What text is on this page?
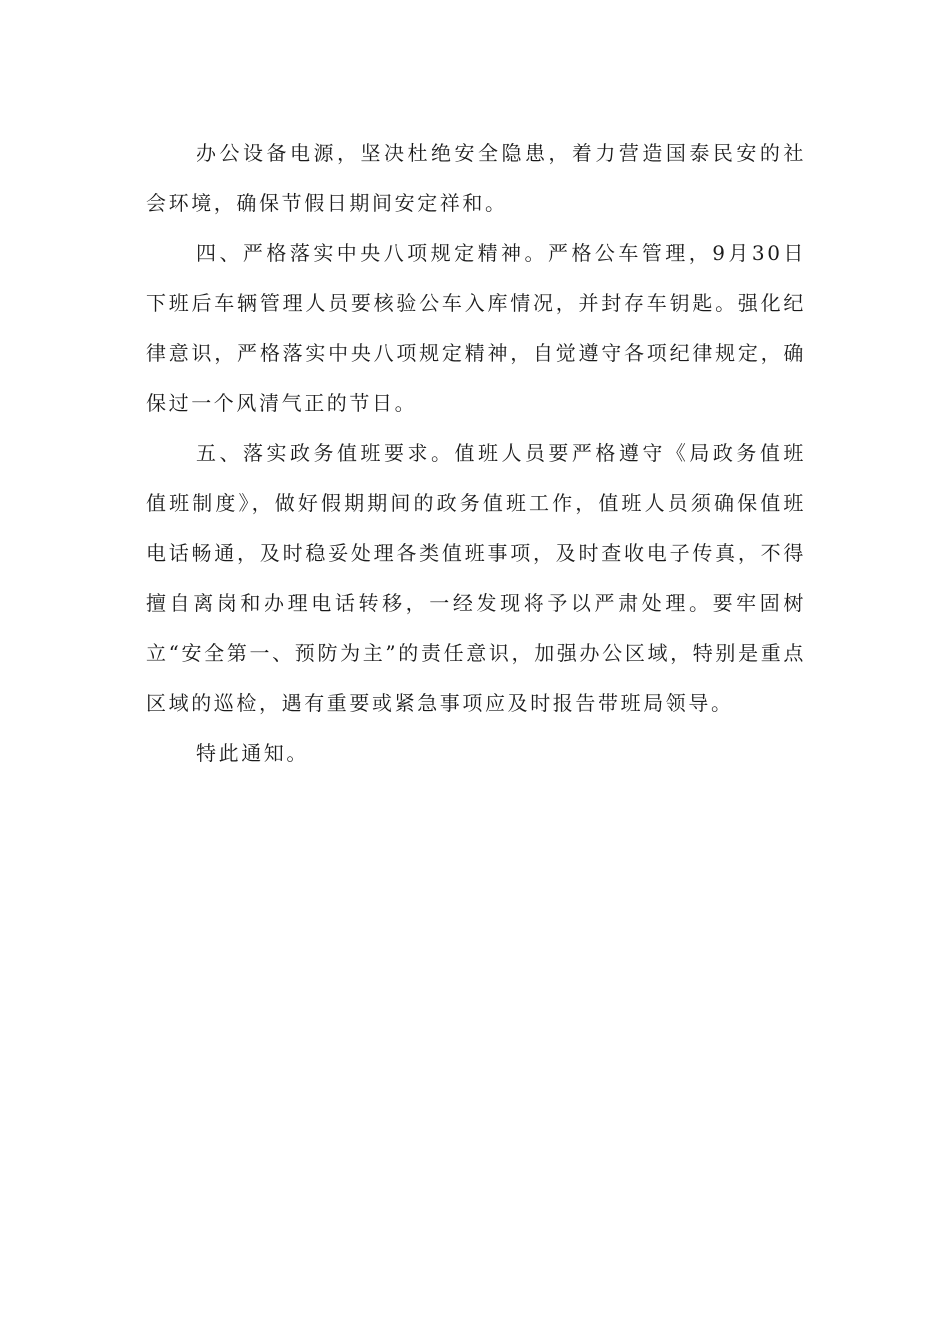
办公设备电源，坚决杜绝安全隐患，着力营造国泰民安的社会环境，确保节假日期间安定祥和。

四、严格落实中央八项规定精神。严格公车管理，9月30日下班后车辆管理人员要核验公车入库情况，并封存车钥匙。强化纪律意识，严格落实中央八项规定精神，自觉遵守各项纪律规定，确保过一个风清气正的节日。

五、落实政务值班要求。值班人员要严格遵守《局政务值班值班制度》，做好假期期间的政务值班工作，值班人员须确保值班电话畅通，及时稳妥处理各类值班事项，及时查收电子传真，不得擅自离岗和办理电话转移，一经发现将予以严肃处理。要牢固树立“安全第一、预防为主”的责任意识，加强办公区域，特别是重点区域的巡检，遇有重要或紧急事项应及时报告带班局领导。

特此通知。
